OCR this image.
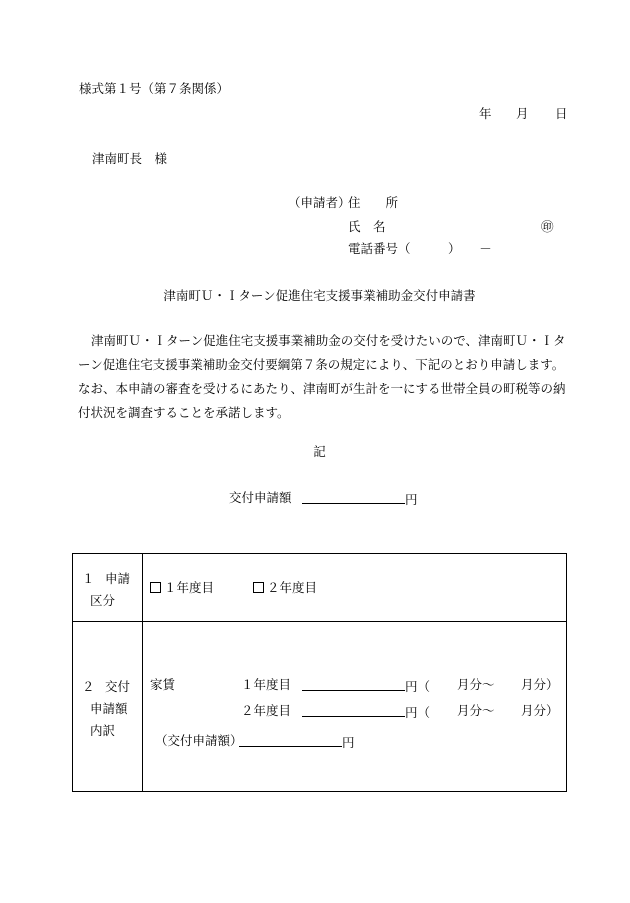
様式第１号（第７条関係）
年 月 日
津南町長　様
（申請者）
住　　所
氏　名	㊞
電話番号（　　　）　　－
津南町Ｕ・Ｉターン促進住宅支援事業補助金交付申請書
津南町Ｕ・Ｉターン促進住宅支援事業補助金の交付を受けたいので、津南町Ｕ・Ｉターン促進住宅支援事業補助金交付要綱第７条の規定により、下記のとおり申請します。なお、本申請の審査を受けるにあたり、津南町が生計を一にする世帯全員の町税等の納付状況を調査することを承諾します。
記
交付申請額	円
１ 申請
区分
１年度目	２年度目
２ 交付
申請額
内訳
家賃	１年度目	円（ 月分～ 月分）
２年度目	円（ 月分～ 月分）
（交付申請額）	円
